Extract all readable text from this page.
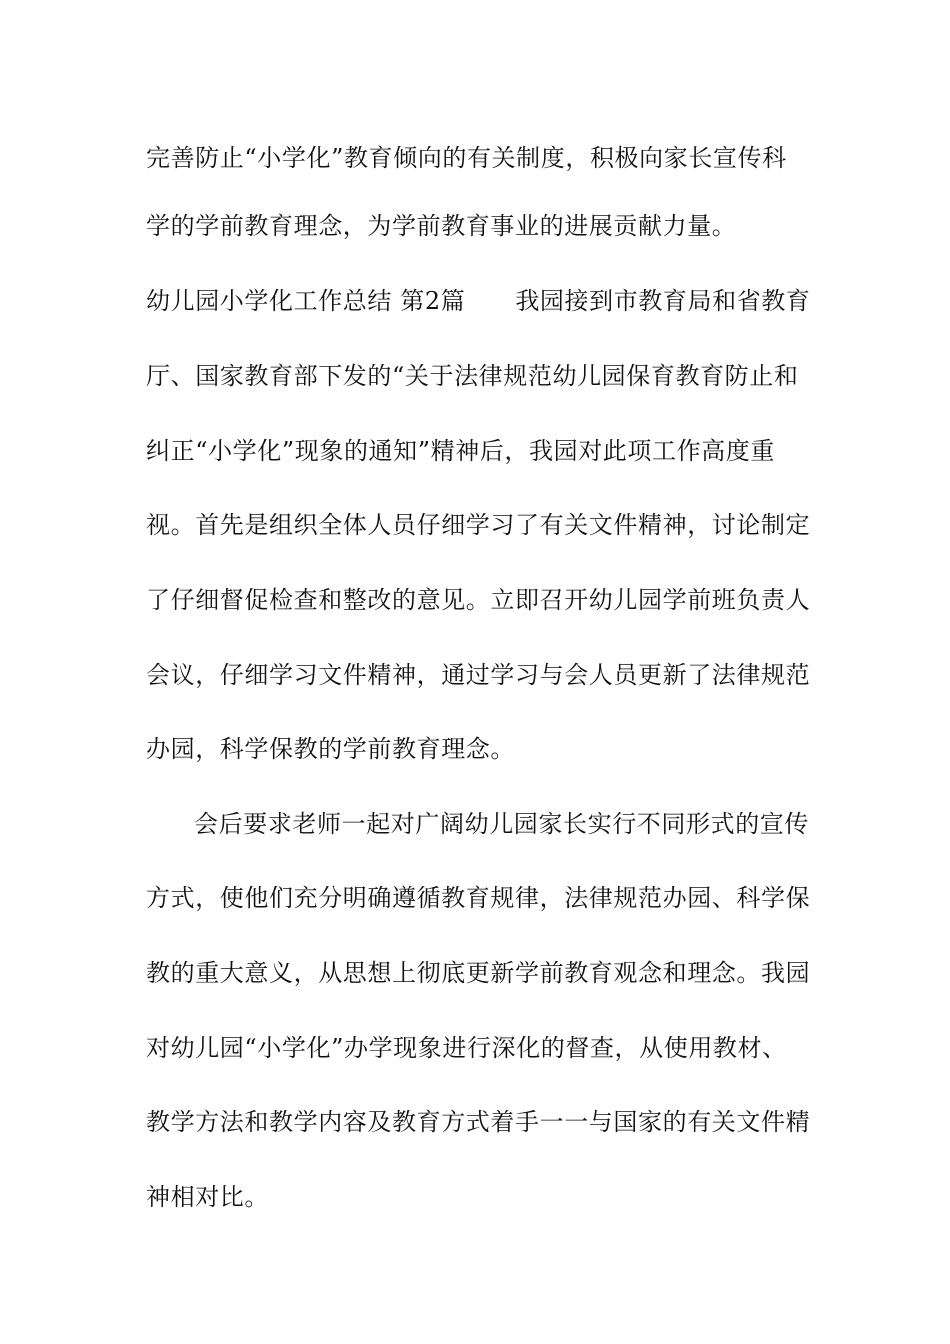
完善防止“小学化”教育倾向的有关制度，积极向家长宣传科
学的学前教育理念，为学前教育事业的进展贡献力量。
幼儿园小学化工作总结 第2篇 我园接到市教育局和省教育
厅、国家教育部下发的“关于法律规范幼儿园保育教育防止和
纠正“小学化”现象的通知”精神后，我园对此项工作高度重
视。首先是组织全体人员仔细学习了有关文件精神，讨论制定
了仔细督促检查和整改的意见。立即召开幼儿园学前班负责人
会议，仔细学习文件精神，通过学习与会人员更新了法律规范
办园，科学保教的学前教育理念。
会后要求老师一起对广阔幼儿园家长实行不同形式的宣传
方式，使他们充分明确遵循教育规律，法律规范办园、科学保
教的重大意义，从思想上彻底更新学前教育观念和理念。我园
对幼儿园“小学化”办学现象进行深化的督查，从使用教材、
教学方法和教学内容及教育方式着手一一与国家的有关文件精
神相对比。
